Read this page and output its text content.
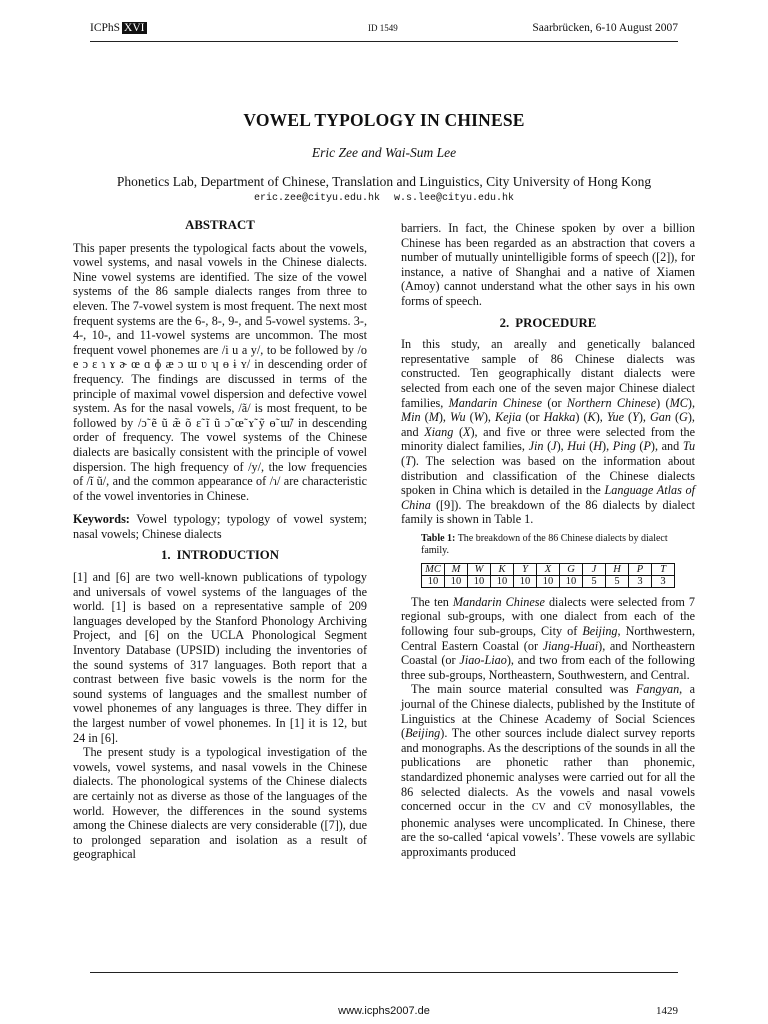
ICPhS XVI	ID 1549	Saarbrücken, 6-10 August 2007
VOWEL TYPOLOGY IN CHINESE
Eric Zee and Wai-Sum Lee
Phonetics Lab, Department of Chinese, Translation and Linguistics, City University of Hong Kong
eric.zee@cityu.edu.hk w.s.lee@cityu.edu.hk
ABSTRACT

This paper presents the typological facts about the vowels, vowel systems, and nasal vowels in the Chinese dialects. Nine vowel systems are identified. The size of the vowel systems of the 86 sample dialects ranges from three to eleven. The 7-vowel system is most frequent. The next most frequent systems are the 6-, 8-, 9-, and 5-vowel systems. 3-, 4-, 10-, and 11-vowel systems are uncommon. The most frequent vowel phonemes are /i u a y/, to be followed by /o e ɔ ɛ ɿ ɤ ɚ œ ɑ ɸ æ ɔ ɯ ʋ ʮ ɵ ɨ ʏ/ in descending order of frequency. The findings are discussed in terms of the principle of maximal vowel dispersion and defective vowel system. As for the nasal vowels, /ã/ is most frequent, to be followed by /ɔ̃ ẽ ũ æ̃ õ ɛ̃ ĩ ũ ɔ̃ œ̃ ɤ̃ ỹ ɵ̃ ɯ̃/ in descending order of frequency. The vowel systems of the Chinese dialects are basically consistent with the principle of vowel dispersion. The high frequency of /y/, the low frequencies of /ĩ ũ/, and the common appearance of /ɿ/ are characteristic of the vowel inventories in Chinese.

Keywords: Vowel typology; typology of vowel system; nasal vowels; Chinese dialects

1. INTRODUCTION

[1] and [6] are two well-known publications of typology and universals of vowel systems of the languages of the world. [1] is based on a representative sample of 209 languages developed by the Stanford Phonology Archiving Project, and [6] on the UCLA Phonological Segment Inventory Database (UPSID) including the inventories of the sound systems of 317 languages. Both report that a contrast between five basic vowels is the norm for the sound systems of languages and the smallest number of vowel phonemes of any languages is three. They differ in the largest number of vowel phonemes. In [1] it is 12, but 24 in [6].

The present study is a typological investigation of the vowels, vowel systems, and nasal vowels in the Chinese dialects. The phonological systems of the Chinese dialects are certainly not as diverse as those of the languages of the world. However, the differences in the sound systems among the Chinese dialects are very considerable ([7]), due to prolonged separation and isolation as a result of geographical

barriers. In fact, the Chinese spoken by over a billion Chinese has been regarded as an abstraction that covers a number of mutually unintelligible forms of speech ([2]), for instance, a native of Shanghai and a native of Xiamen (Amoy) cannot understand what the other says in his own forms of speech.

2. PROCEDURE

In this study, an areally and genetically balanced representative sample of 86 Chinese dialects was constructed. Ten geographically distant dialects were selected from each one of the seven major Chinese dialect families, Mandarin Chinese (or Northern Chinese) (MC), Min (M), Wu (W), Kejia (or Hakka) (K), Yue (Y), Gan (G), and Xiang (X), and five or three were selected from the minority dialect families, Jin (J), Hui (H), Ping (P), and Tu (T). The selection was based on the information about distribution and classification of the Chinese dialects spoken in China which is detailed in the Language Atlas of China ([9]). The breakdown of the 86 dialects by dialect family is shown in Table 1.

Table 1: The breakdown of the 86 Chinese dialects by dialect family.

MC	M	W	K	Y	X	G	J	H	P	T
10	10	10	10	10	10	10	5	5	3	3

The ten Mandarin Chinese dialects were selected from 7 regional sub-groups, with one dialect from each of the following four sub-groups, City of Beijing, Northwestern, Central Eastern Coastal (or Jiang-Huai), and Northeastern Coastal (or Jiao-Liao), and two from each of the following three sub-groups, Northeastern, Southwestern, and Central.

The main source material consulted was Fangyan, a journal of the Chinese dialects, published by the Institute of Linguistics at the Chinese Academy of Social Sciences (Beijing). The other sources include dialect survey reports and monographs. As the descriptions of the sounds in all the publications are phonetic rather than phonemic, standardized phonemic analyses were carried out for all the 86 selected dialects. As the vowels and nasal vowels concerned occur in the CV and CV̄ monosyllables, the phonemic analyses were uncomplicated. In Chinese, there are the so-called ‘apical vowels’. These vowels are syllabic approximants produced

www.icphs2007.de	1429
